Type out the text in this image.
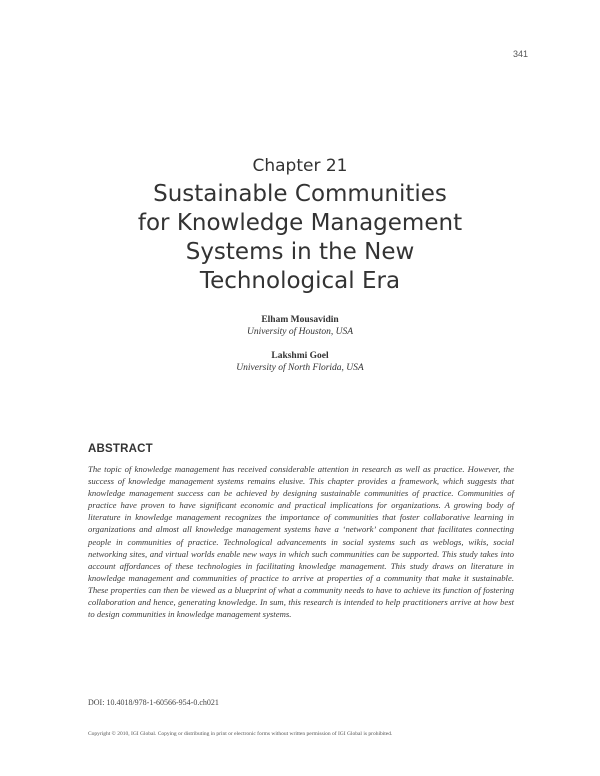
341
Chapter 21
Sustainable Communities
for Knowledge Management
Systems in the New
Technological Era
Elham Mousavidin
University of Houston, USA
Lakshmi Goel
University of North Florida, USA
ABSTRACT

The topic of knowledge management has received considerable attention in research as well as practice. However, the success of knowledge management systems remains elusive. This chapter provides a framework, which suggests that knowledge management success can be achieved by designing sustainable communities of practice. Communities of practice have proven to have significant economic and practical implications for organizations. A growing body of literature in knowledge management recognizes the importance of communities that foster collaborative learning in organizations and almost all knowledge management systems have a ‘network’ component that facilitates connecting people in communities of practice. Technological advancements in social systems such as weblogs, wikis, social networking sites, and virtual worlds enable new ways in which such communities can be supported. This study takes into account affordances of these technologies in facilitating knowledge management. This study draws on literature in knowledge management and communities of practice to arrive at properties of a community that make it sustainable. These properties can then be viewed as a blueprint of what a community needs to have to achieve its function of fostering collaboration and hence, generating knowledge. In sum, this research is intended to help practitioners arrive at how best to design communities in knowledge management systems.

DOI: 10.4018/978-1-60566-954-0.ch021
Copyright © 2010, IGI Global. Copying or distributing in print or electronic forms without written permission of IGI Global is prohibited.
